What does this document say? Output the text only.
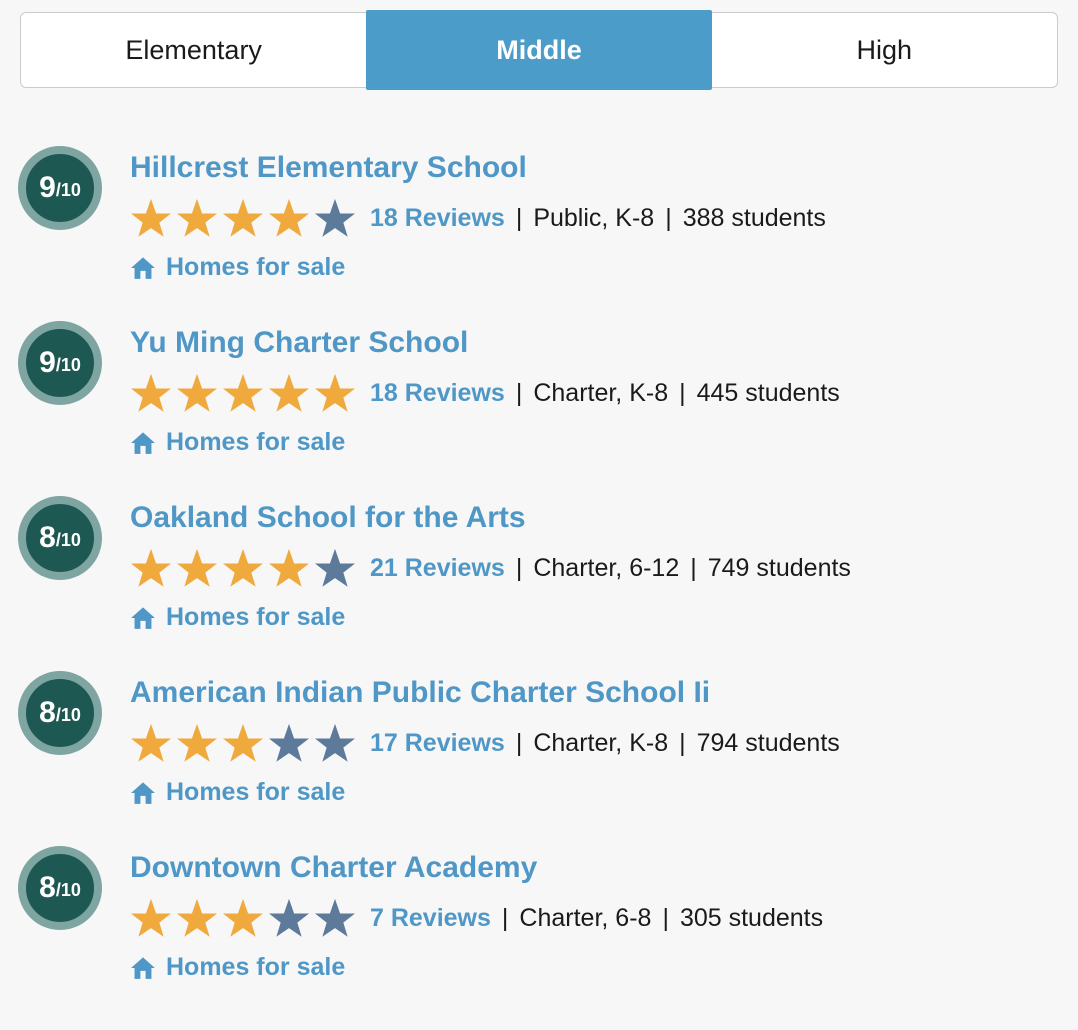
Elementary	Middle	High
9 /10
Hillcrest Elementary School
18 Reviews | Public, K-8 | 388 students
Homes for sale
9 /10
Yu Ming Charter School
18 Reviews | Charter, K-8 | 445 students
Homes for sale
8 /10
Oakland School for the Arts
21 Reviews | Charter, 6-12 | 749 students
Homes for sale
8 /10
American Indian Public Charter School Ii
17 Reviews | Charter, K-8 | 794 students
Homes for sale
8 /10
Downtown Charter Academy
7 Reviews | Charter, 6-8 | 305 students
Homes for sale
